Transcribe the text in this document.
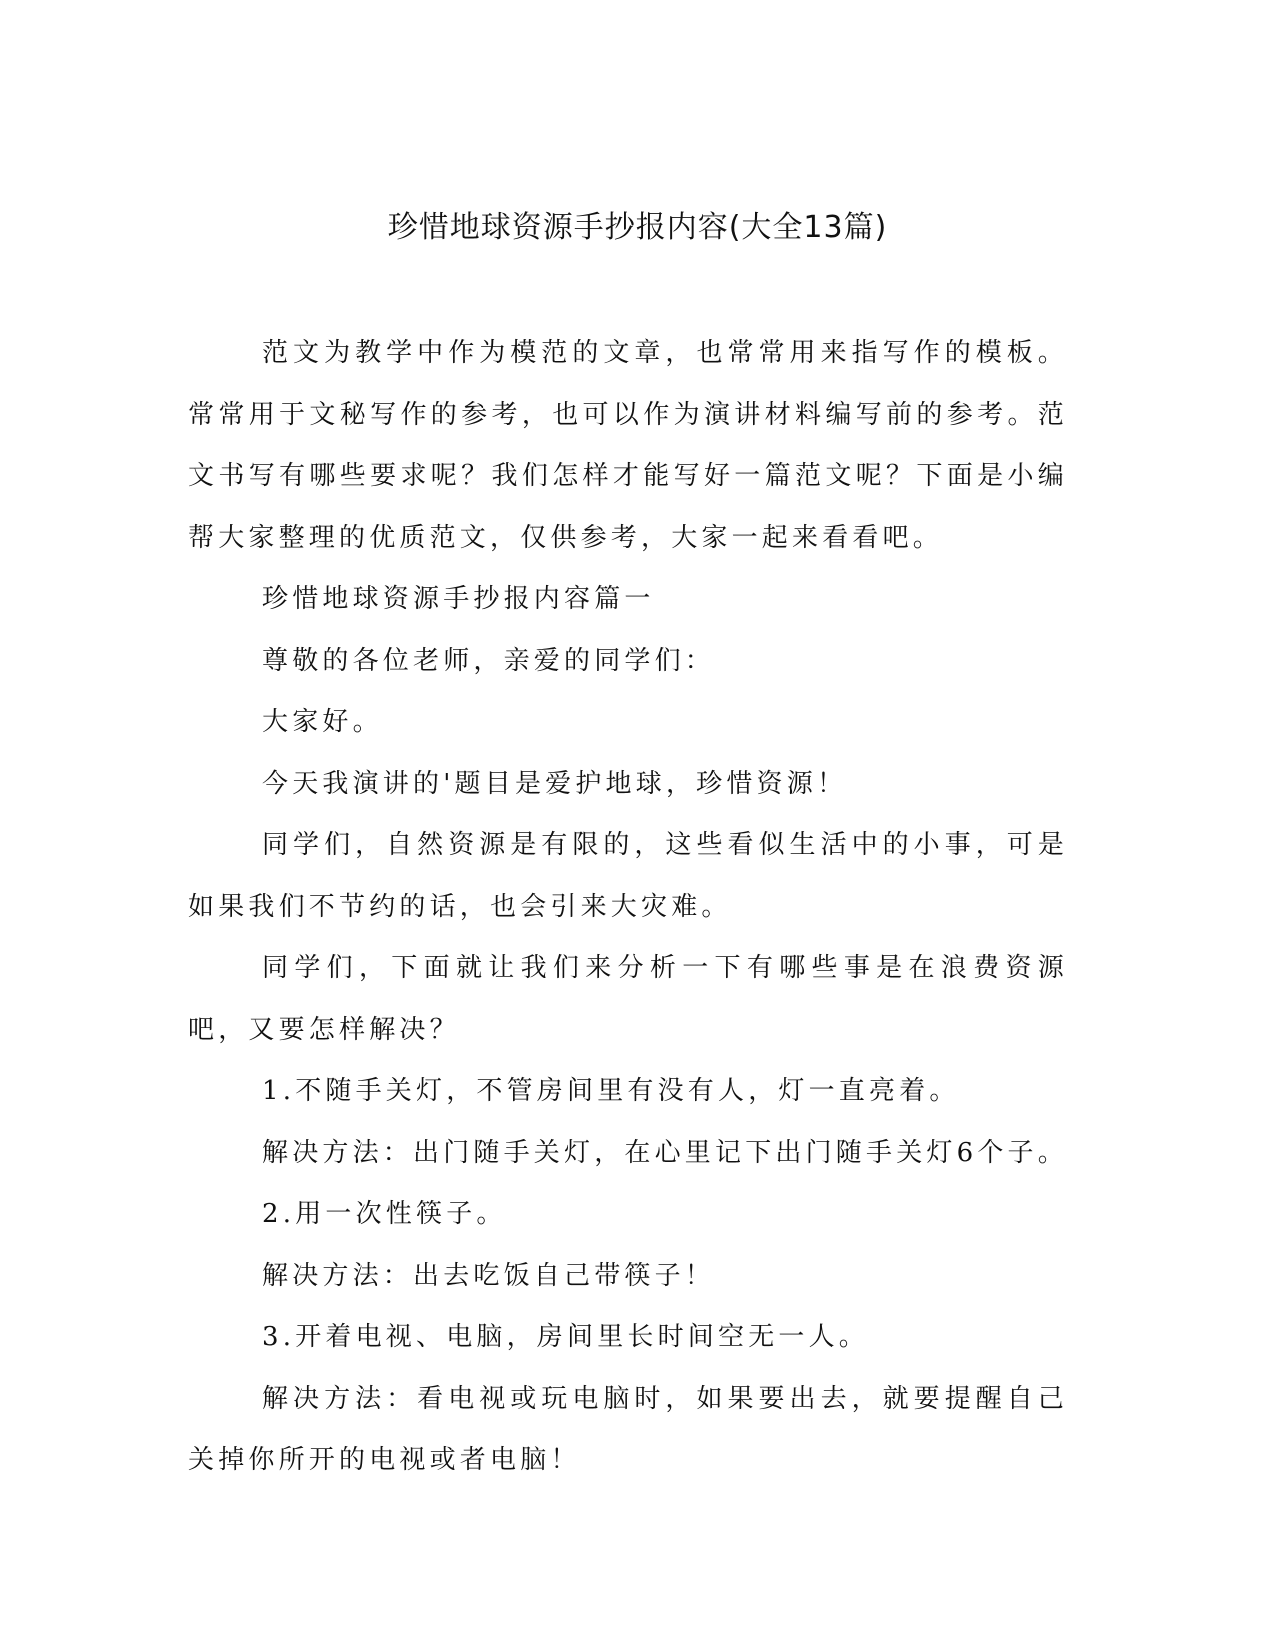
珍惜地球资源手抄报内容(大全13篇)

范文为教学中作为模范的文章，也常常用来指写作的模板。常常用于文秘写作的参考，也可以作为演讲材料编写前的参考。范文书写有哪些要求呢？我们怎样才能写好一篇范文呢？下面是小编帮大家整理的优质范文，仅供参考，大家一起来看看吧。

珍惜地球资源手抄报内容篇一

尊敬的各位老师，亲爱的同学们：

大家好。

今天我演讲的'题目是爱护地球，珍惜资源！

同学们，自然资源是有限的，这些看似生活中的小事，可是如果我们不节约的话，也会引来大灾难。

同学们，下面就让我们来分析一下有哪些事是在浪费资源吧，又要怎样解决？

1.不随手关灯，不管房间里有没有人，灯一直亮着。

解决方法：出门随手关灯，在心里记下出门随手关灯6个子。

2.用一次性筷子。

解决方法：出去吃饭自己带筷子！

3.开着电视、电脑，房间里长时间空无一人。

解决方法：看电视或玩电脑时，如果要出去，就要提醒自己关掉你所开的电视或者电脑！
